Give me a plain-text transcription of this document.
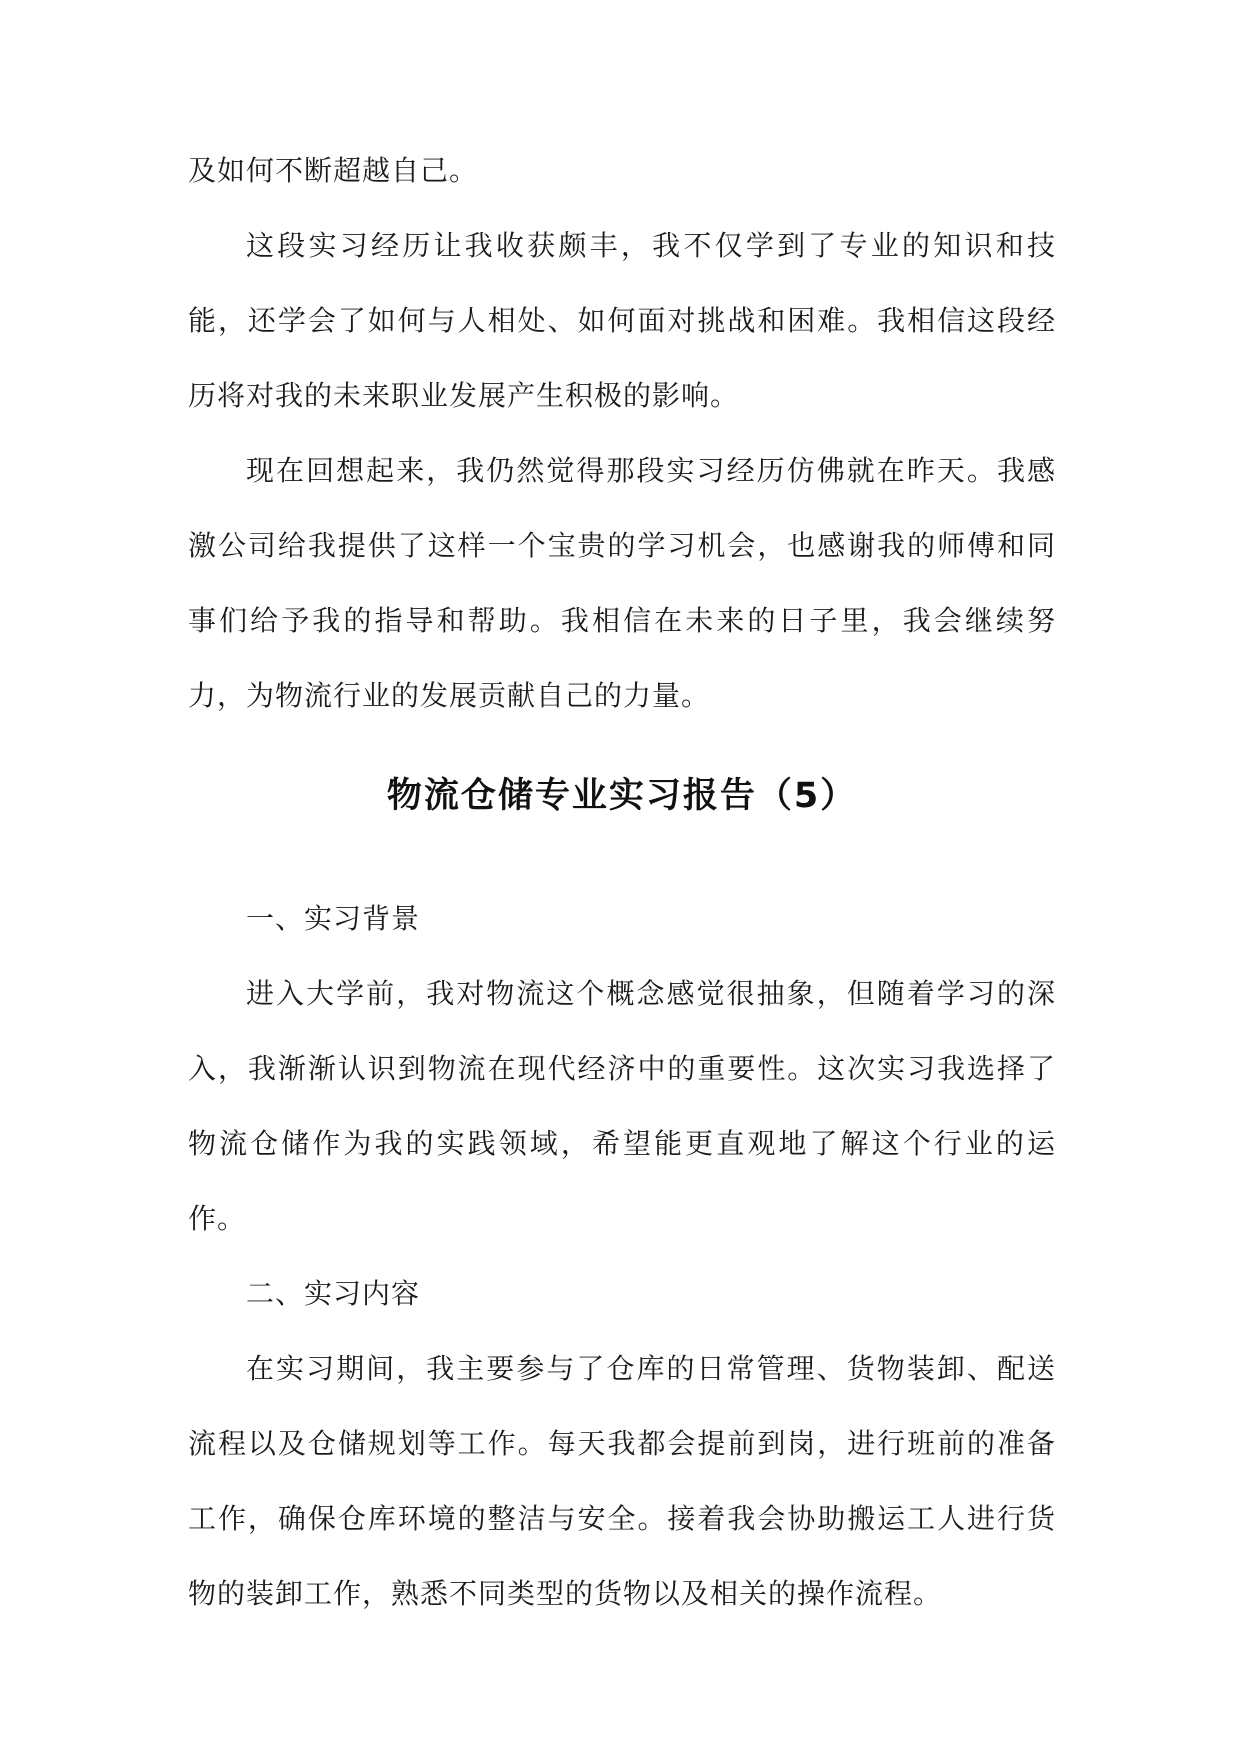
及如何不断超越自己。

这段实习经历让我收获颇丰，我不仅学到了专业的知识和技能，还学会了如何与人相处、如何面对挑战和困难。我相信这段经历将对我的未来职业发展产生积极的影响。

现在回想起来，我仍然觉得那段实习经历仿佛就在昨天。我感激公司给我提供了这样一个宝贵的学习机会，也感谢我的师傅和同事们给予我的指导和帮助。我相信在未来的日子里，我会继续努力，为物流行业的发展贡献自己的力量。

物流仓储专业实习报告（5）

一、实习背景

进入大学前，我对物流这个概念感觉很抽象，但随着学习的深入，我渐渐认识到物流在现代经济中的重要性。这次实习我选择了物流仓储作为我的实践领域，希望能更直观地了解这个行业的运作。

二、实习内容

在实习期间，我主要参与了仓库的日常管理、货物装卸、配送流程以及仓储规划等工作。每天我都会提前到岗，进行班前的准备工作，确保仓库环境的整洁与安全。接着我会协助搬运工人进行货物的装卸工作，熟悉不同类型的货物以及相关的操作流程。
